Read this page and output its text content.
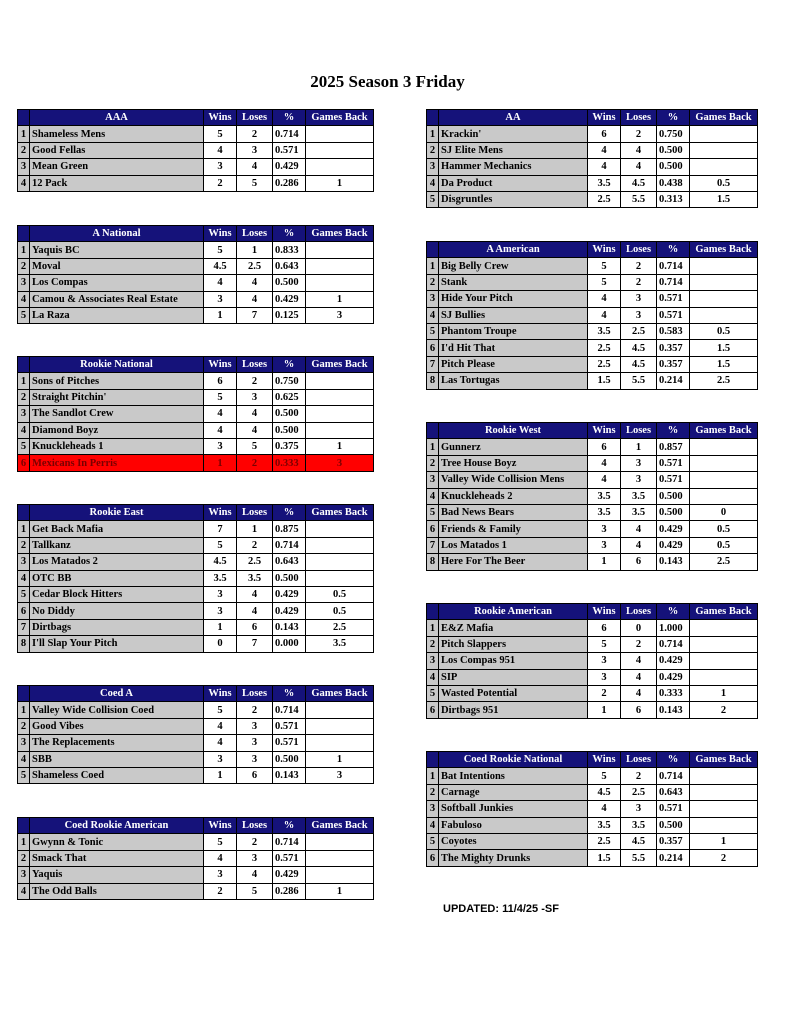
2025 Season 3 Friday
	AAA	Wins	Loses	%	Games Back
1	Shameless Mens	5	2	0.714	
2	Good Fellas	4	3	0.571	
3	Mean Green	3	4	0.429	
4	12 Pack	2	5	0.286	1
	A National	Wins	Loses	%	Games Back
1	Yaquis BC	5	1	0.833	
2	Moval	4.5	2.5	0.643	
3	Los Compas	4	4	0.500	
4	Camou & Associates Real Estate	3	4	0.429	1
5	La Raza	1	7	0.125	3
	Rookie National	Wins	Loses	%	Games Back
1	Sons of Pitches	6	2	0.750	
2	Straight Pitchin'	5	3	0.625	
3	The Sandlot Crew	4	4	0.500	
4	Diamond Boyz	4	4	0.500	
5	Knuckleheads 1	3	5	0.375	1
6	Mexicans In Perris	1	2	0.333	3
	Rookie East	Wins	Loses	%	Games Back
1	Get Back Mafia	7	1	0.875	
2	Tallkanz	5	2	0.714	
3	Los Matados 2	4.5	2.5	0.643	
4	OTC BB	3.5	3.5	0.500	
5	Cedar Block Hitters	3	4	0.429	0.5
6	No Diddy	3	4	0.429	0.5
7	Dirtbags	1	6	0.143	2.5
8	I'll Slap Your Pitch	0	7	0.000	3.5
	Coed A	Wins	Loses	%	Games Back
1	Valley Wide Collision Coed	5	2	0.714	
2	Good Vibes	4	3	0.571	
3	The Replacements	4	3	0.571	
4	SBB	3	3	0.500	1
5	Shameless Coed	1	6	0.143	3
	Coed Rookie American	Wins	Loses	%	Games Back
1	Gwynn & Tonic	5	2	0.714	
2	Smack That	4	3	0.571	
3	Yaquis	3	4	0.429	
4	The Odd Balls	2	5	0.286	1
	AA	Wins	Loses	%	Games Back
1	Krackin'	6	2	0.750	
2	SJ Elite Mens	4	4	0.500	
3	Hammer Mechanics	4	4	0.500	
4	Da Product	3.5	4.5	0.438	0.5
5	Disgruntles	2.5	5.5	0.313	1.5
	A American	Wins	Loses	%	Games Back
1	Big Belly Crew	5	2	0.714	
2	Stank	5	2	0.714	
3	Hide Your Pitch	4	3	0.571	
4	SJ Bullies	4	3	0.571	
5	Phantom Troupe	3.5	2.5	0.583	0.5
6	I'd Hit That	2.5	4.5	0.357	1.5
7	Pitch Please	2.5	4.5	0.357	1.5
8	Las Tortugas	1.5	5.5	0.214	2.5
	Rookie West	Wins	Loses	%	Games Back
1	Gunnerz	6	1	0.857	
2	Tree House Boyz	4	3	0.571	
3	Valley Wide Collision Mens	4	3	0.571	
4	Knuckleheads 2	3.5	3.5	0.500	
5	Bad News Bears	3.5	3.5	0.500	0
6	Friends & Family	3	4	0.429	0.5
7	Los Matados 1	3	4	0.429	0.5
8	Here For The Beer	1	6	0.143	2.5
	Rookie American	Wins	Loses	%	Games Back
1	E&Z Mafia	6	0	1.000	
2	Pitch Slappers	5	2	0.714	
3	Los Compas 951	3	4	0.429	
4	SIP	3	4	0.429	
5	Wasted Potential	2	4	0.333	1
6	Dirtbags 951	1	6	0.143	2
	Coed Rookie National	Wins	Loses	%	Games Back
1	Bat Intentions	5	2	0.714	
2	Carnage	4.5	2.5	0.643	
3	Softball Junkies	4	3	0.571	
4	Fabuloso	3.5	3.5	0.500	
5	Coyotes	2.5	4.5	0.357	1
6	The Mighty Drunks	1.5	5.5	0.214	2
UPDATED: 11/4/25 -SF
